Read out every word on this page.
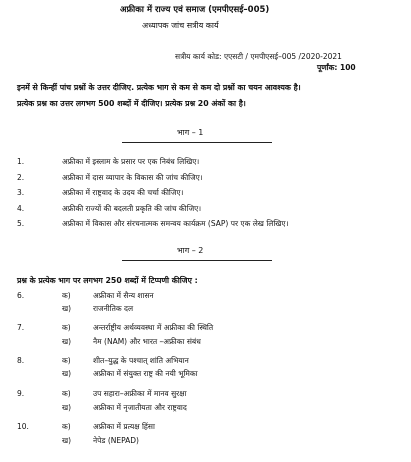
अफ्रीका में राज्य एवं समाज (एमपीएसई–005)
अध्यापक जांच सत्रीय कार्य
सत्रीय कार्य कोड: एएसटी / एमपीएसई–005 /2020-2021
पूर्णांक: 100
इनमें से किन्हीं पांच प्रश्नों के उत्तर दीजिए. प्रत्येक भाग से कम से कम दो प्रश्नों का चयन आवश्यक है।
प्रत्येक प्रश्न का उत्तर लगभग 500 शब्दों में दीजिए। प्रत्येक प्रश्न 20 अंकों का है।
भाग – 1
1.	अफ्रीका में इस्लाम के प्रसार पर एक निबंध लिखिए।
2.	अफ्रीका में दास व्यापार के विकास की जांच कीजिए।
3.	अफ्रीका में राष्ट्रवाद के उदय की चर्चा कीजिए।
4.	अफ्रीकी राज्यों की बदलती प्रकृति की जांच कीजिए।
5.	अफ्रीका में विकास और संरचनात्मक समन्वय कार्यक्रम (SAP) पर एक लेख लिखिए।
भाग – 2
प्रश्न के प्रत्येक भाग पर लगभग 250 शब्दों में टिप्पणी कीजिए :
6.	क)	अफ्रीका में सैन्य शासन
ख)	राजनीतिक दल
7.	क)	अन्तर्राष्ट्रीय अर्थव्यवस्था में अफ्रीका की स्थिति
ख)	नैम (NAM) और भारत –अफ्रीका संबंध
8.	क)	शीत–युद्ध के पश्चात् शांति अभियान
ख)	अफ्रीका में संयुक्त राष्ट्र की नयी भूमिका
9.	क)	उप सहारा–अफ्रीका में मानव सुरक्षा
ख)	अफ्रीका में नृजातीयता और राष्ट्रवाद
10.	क)	अफ्रीका में प्रत्यक्ष हिंसा
ख)	नेपेड (NEPAD)
